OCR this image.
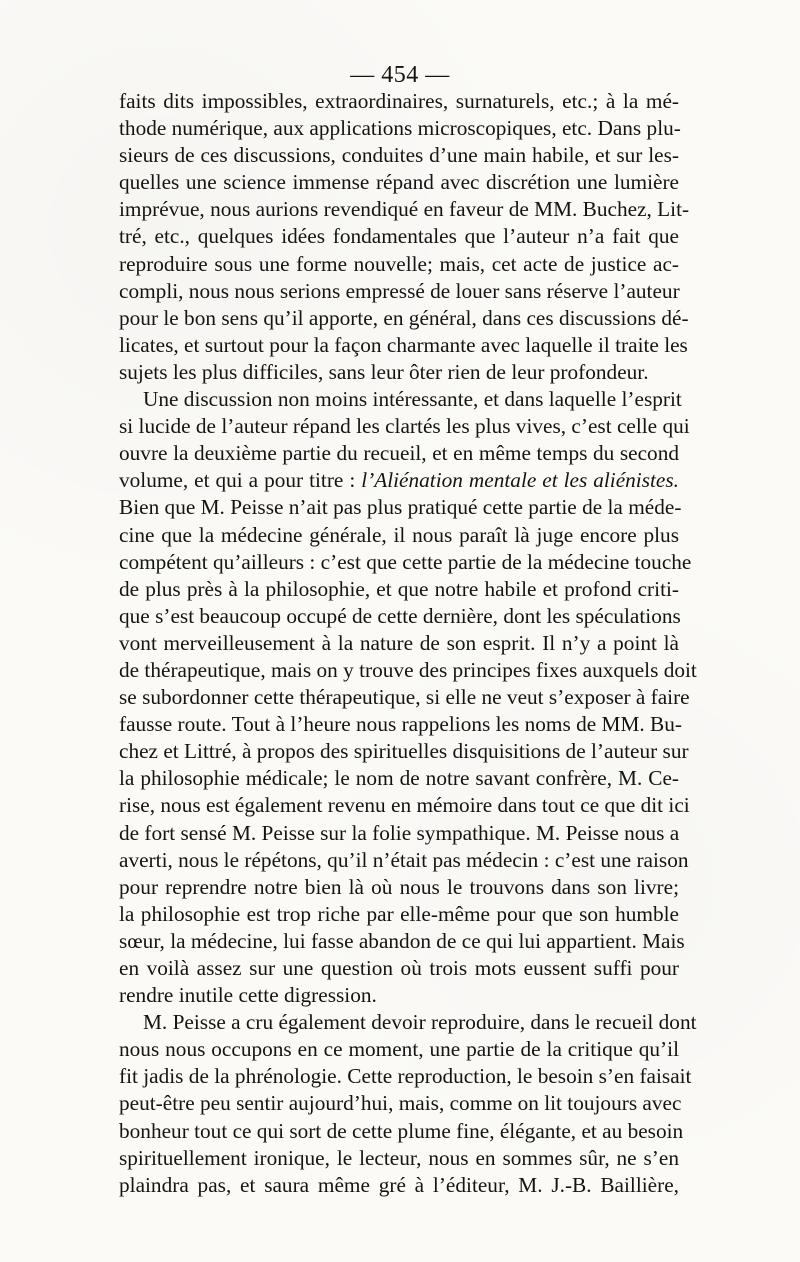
— 454 —
faits dits impossibles, extraordinaires, surnaturels, etc.; à la mé-
thode numérique, aux applications microscopiques, etc. Dans plu-
sieurs de ces discussions, conduites d’une main habile, et sur les-
quelles une science immense répand avec discrétion une lumière
imprévue, nous aurions revendiqué en faveur de MM. Buchez, Lit-
tré, etc., quelques idées fondamentales que l’auteur n’a fait que
reproduire sous une forme nouvelle; mais, cet acte de justice ac-
compli, nous nous serions empressé de louer sans réserve l’auteur
pour le bon sens qu’il apporte, en général, dans ces discussions dé-
licates, et surtout pour la façon charmante avec laquelle il traite les
sujets les plus difficiles, sans leur ôter rien de leur profondeur.
Une discussion non moins intéressante, et dans laquelle l’esprit
si lucide de l’auteur répand les clartés les plus vives, c’est celle qui
ouvre la deuxième partie du recueil, et en même temps du second
volume, et qui a pour titre : l’Aliénation mentale et les aliénistes.
Bien que M. Peisse n’ait pas plus pratiqué cette partie de la méde-
cine que la médecine générale, il nous paraît là juge encore plus
compétent qu’ailleurs : c’est que cette partie de la médecine touche
de plus près à la philosophie, et que notre habile et profond criti-
que s’est beaucoup occupé de cette dernière, dont les spéculations
vont merveilleusement à la nature de son esprit. Il n’y a point là
de thérapeutique, mais on y trouve des principes fixes auxquels doit
se subordonner cette thérapeutique, si elle ne veut s’exposer à faire
fausse route. Tout à l’heure nous rappelions les noms de MM. Bu-
chez et Littré, à propos des spirituelles disquisitions de l’auteur sur
la philosophie médicale; le nom de notre savant confrère, M. Ce-
rise, nous est également revenu en mémoire dans tout ce que dit ici
de fort sensé M. Peisse sur la folie sympathique. M. Peisse nous a
averti, nous le répétons, qu’il n’était pas médecin : c’est une raison
pour reprendre notre bien là où nous le trouvons dans son livre;
la philosophie est trop riche par elle-même pour que son humble
sœur, la médecine, lui fasse abandon de ce qui lui appartient. Mais
en voilà assez sur une question où trois mots eussent suffi pour
rendre inutile cette digression.
M. Peisse a cru également devoir reproduire, dans le recueil dont
nous nous occupons en ce moment, une partie de la critique qu’il
fit jadis de la phrénologie. Cette reproduction, le besoin s’en faisait
peut-être peu sentir aujourd’hui, mais, comme on lit toujours avec
bonheur tout ce qui sort de cette plume fine, élégante, et au besoin
spirituellement ironique, le lecteur, nous en sommes sûr, ne s’en
plaindra pas, et saura même gré à l’éditeur, M. J.-B. Baillière,
